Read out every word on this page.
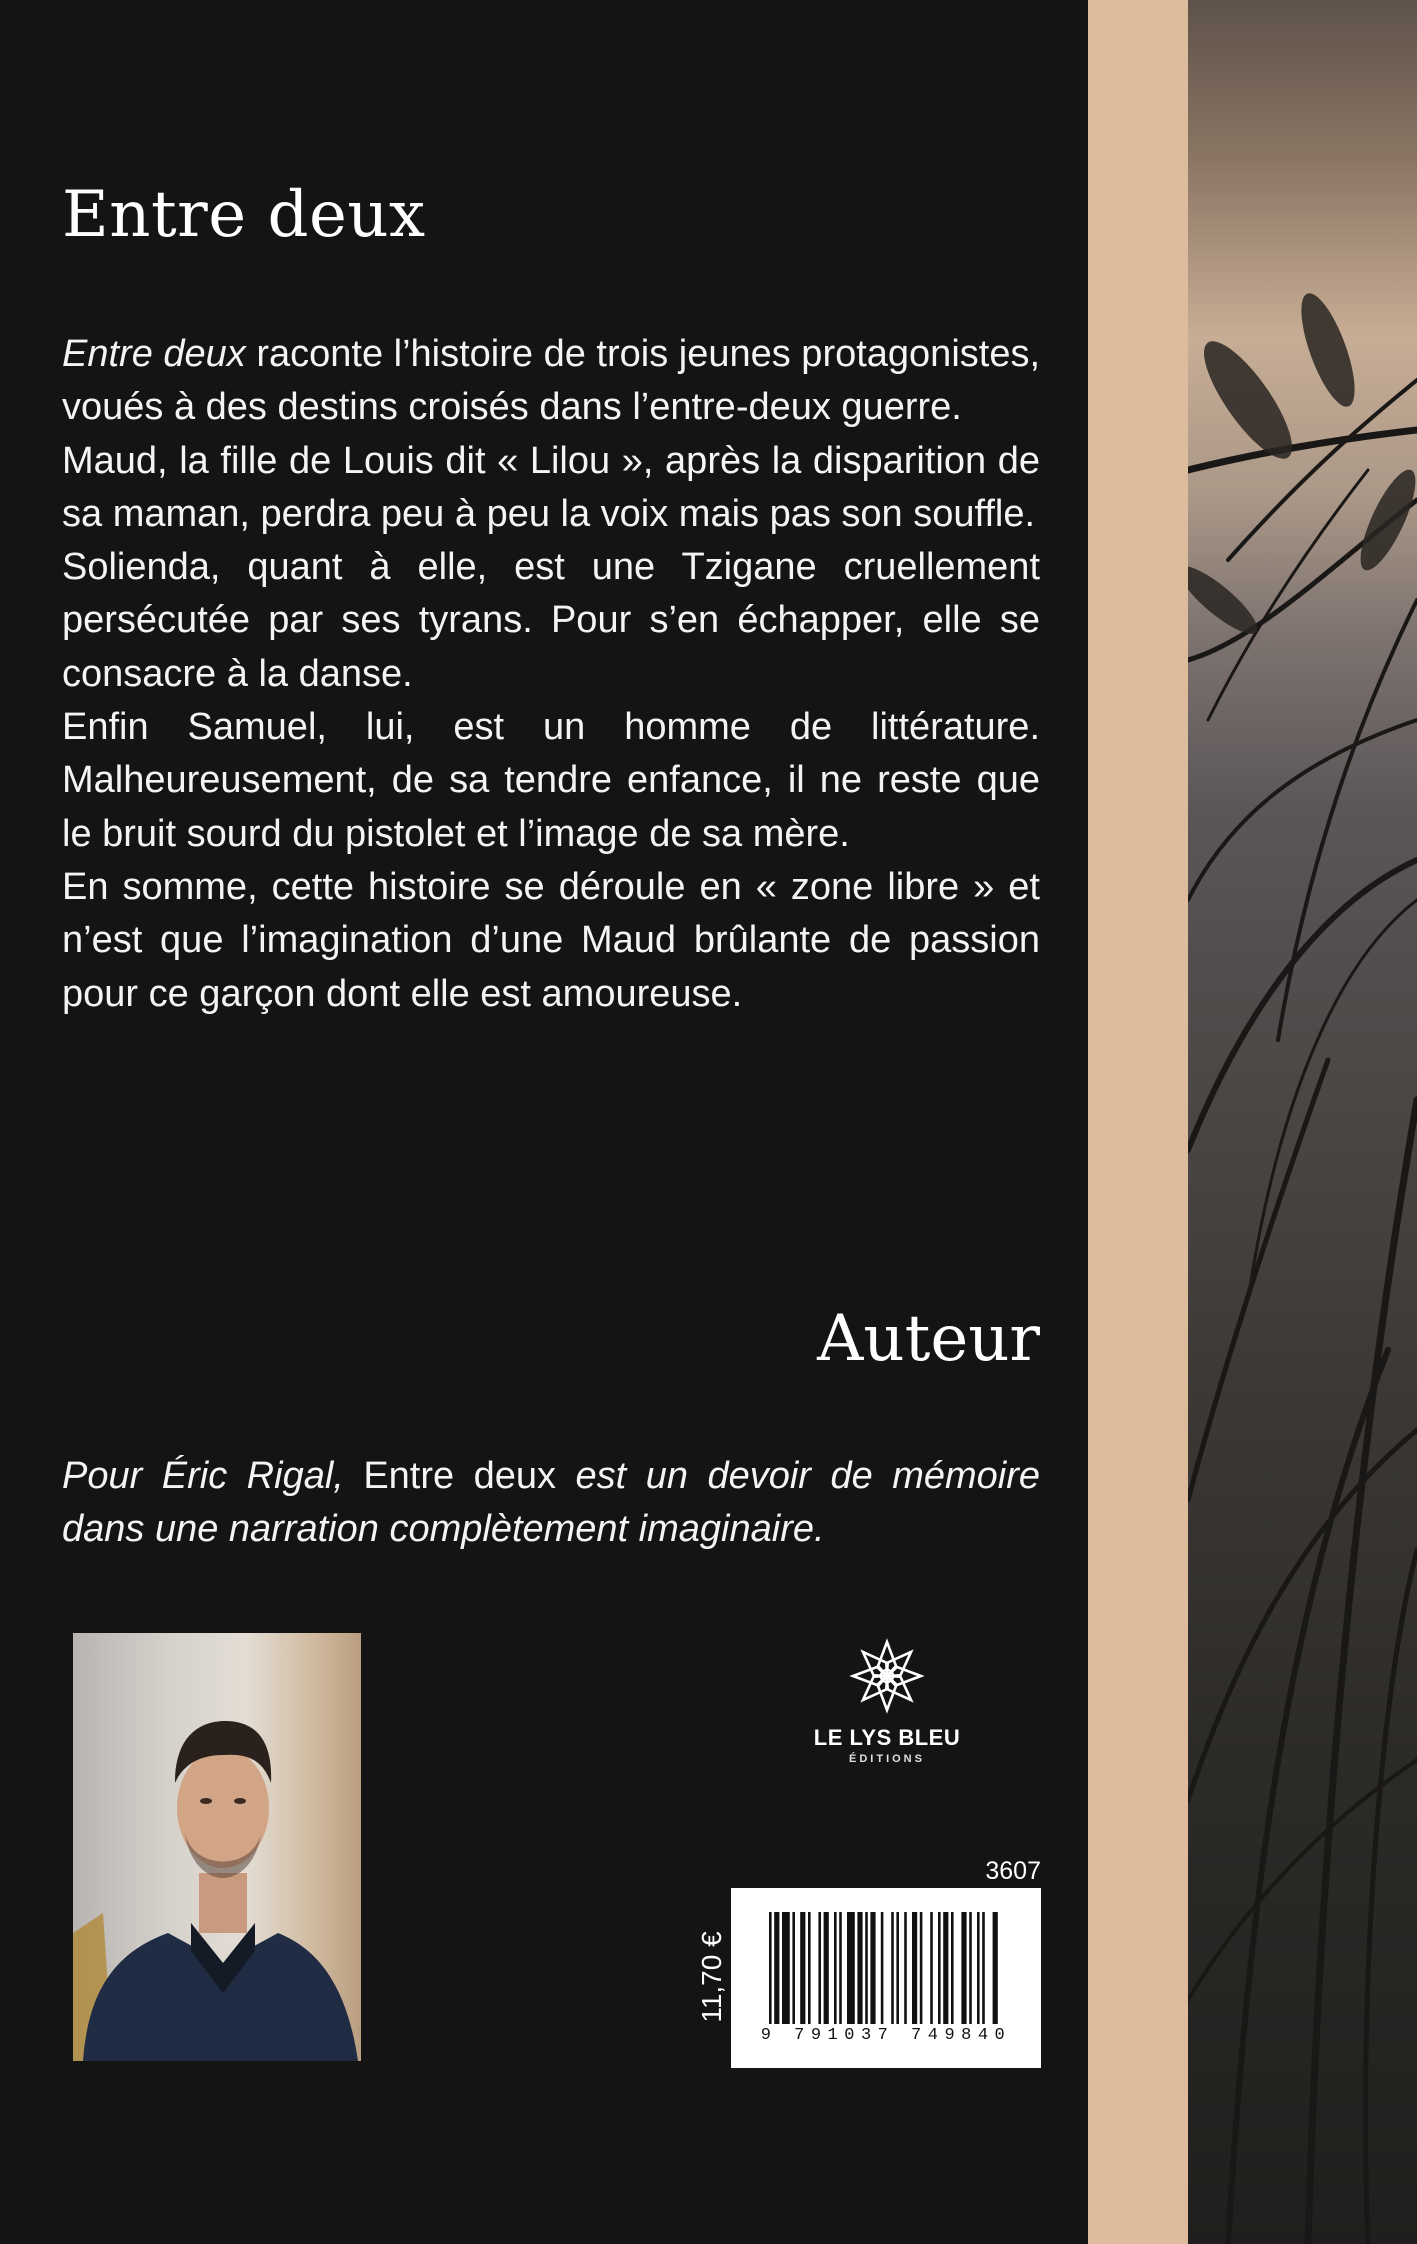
Entre deux

Entre deux raconte l’histoire de trois jeunes protagonistes, voués à des destins croisés dans l’entre-deux guerre.

Maud, la fille de Louis dit « Lilou », après la disparition de sa maman, perdra peu à peu la voix mais pas son souffle.

Solienda, quant à elle, est une Tzigane cruellement persécutée par ses tyrans. Pour s’en échapper, elle se consacre à la danse.

Enfin Samuel, lui, est un homme de littérature. Malheureusement, de sa tendre enfance, il ne reste que le bruit sourd du pistolet et l’image de sa mère.

En somme, cette histoire se déroule en « zone libre » et n’est que l’imagination d’une Maud brûlante de passion pour ce garçon dont elle est amoureuse.

Auteur

Pour Éric Rigal, Entre deux est un devoir de mémoire dans une narration complètement imaginaire.

LE LYS BLEU
ÉDITIONS
3607
11,70 €
9 791037 749840
